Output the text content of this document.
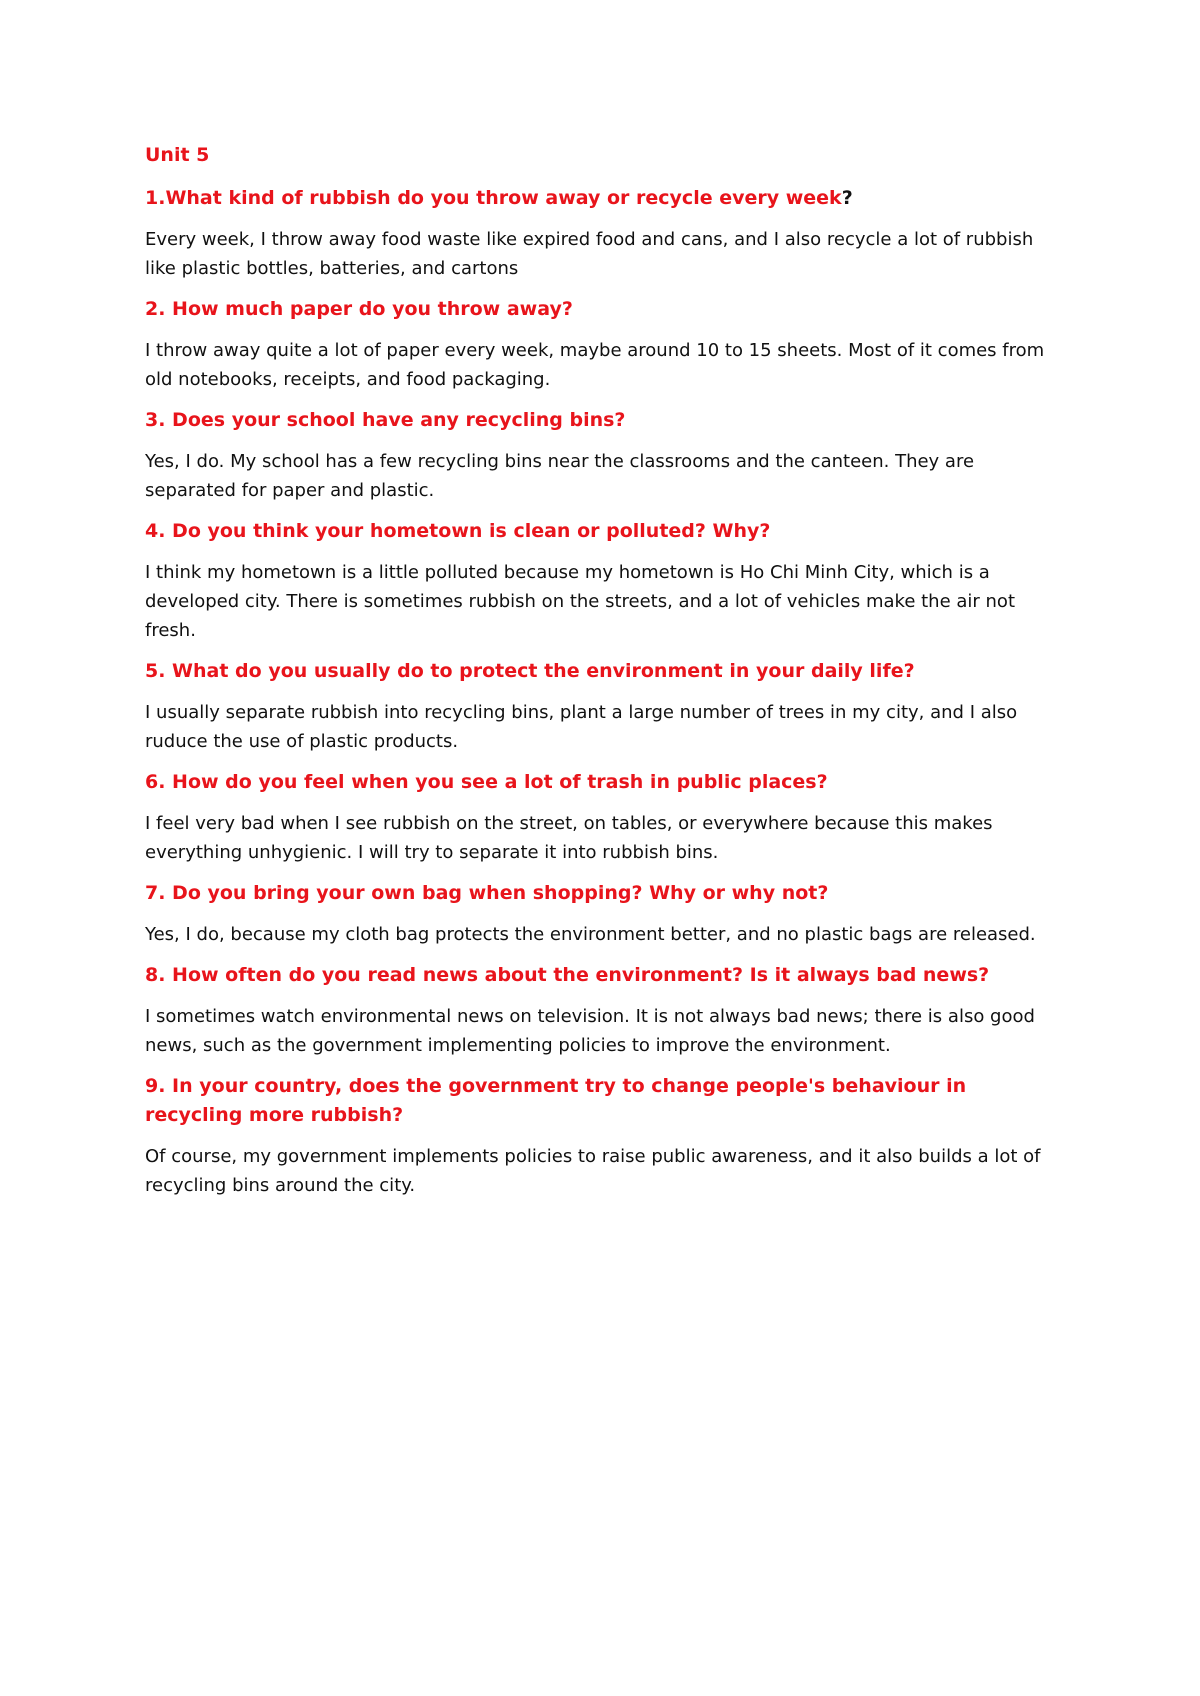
Unit 5
1.What kind of rubbish do you throw away or recycle every week?
Every week, I throw away food waste like expired food and cans, and I also recycle a lot of rubbish like plastic bottles, batteries, and cartons
2. How much paper do you throw away?
I throw away quite a lot of paper every week, maybe around 10 to 15 sheets. Most of it comes from old notebooks, receipts, and food packaging.
3. Does your school have any recycling bins?
Yes, I do. My school has a few recycling bins near the classrooms and the canteen. They are separated for paper and plastic.
4. Do you think your hometown is clean or polluted? Why?
I think my hometown is a little polluted because my hometown is Ho Chi Minh City, which is a developed city. There is sometimes rubbish on the streets, and a lot of vehicles make the air not fresh.
5. What do you usually do to protect the environment in your daily life?
I usually separate rubbish into recycling bins, plant a large number of trees in my city, and I also ruduce the use of plastic products.
6. How do you feel when you see a lot of trash in public places?
I feel very bad when I see rubbish on the street, on tables, or everywhere because this makes everything unhygienic. I will try to separate it into rubbish bins.
7. Do you bring your own bag when shopping? Why or why not?
Yes, I do, because my cloth bag protects the environment better, and no plastic bags are released.
8. How often do you read news about the environment? Is it always bad news?
I sometimes watch environmental news on television. It is not always bad news; there is also good news, such as the government implementing policies to improve the environment.
9. In your country, does the government try to change people's behaviour in recycling more rubbish?
Of course, my government implements policies to raise public awareness, and it also builds a lot of recycling bins around the city.
